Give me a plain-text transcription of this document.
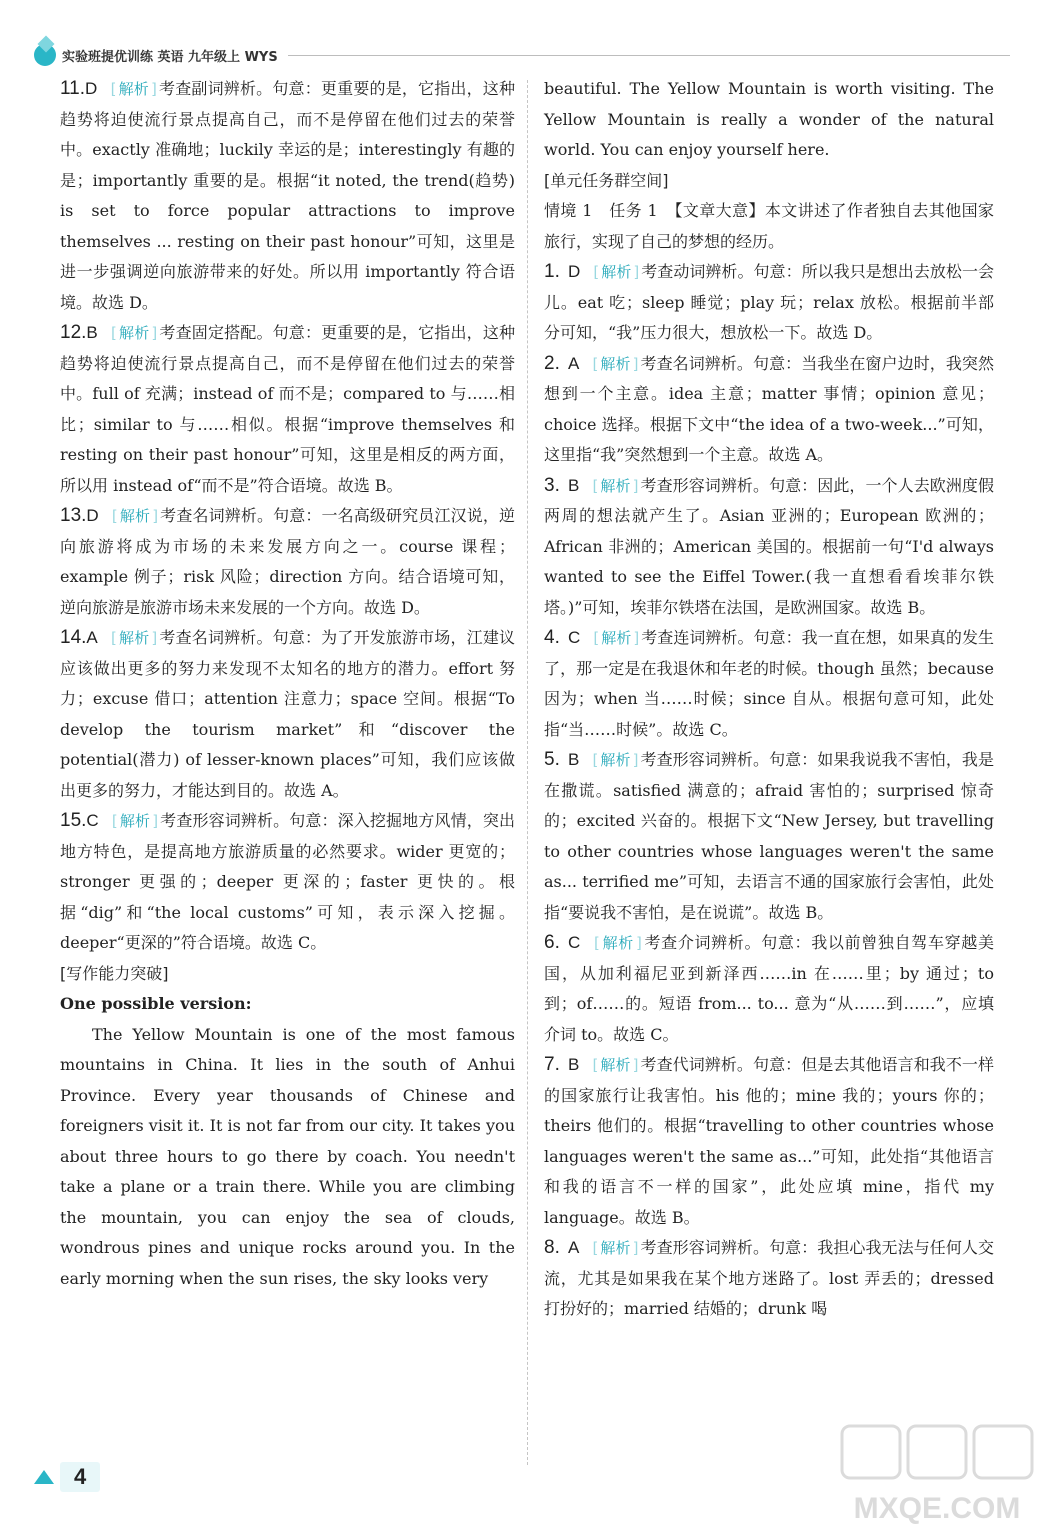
实验班提优训练 英语 九年级上 WYS

11.D [ 解析 ] 考查副词辨析。句意：更重要的是，它指出，这种趋势将迫使流行景点提高自己，而不是停留在他们过去的荣誉中。exactly 准确地；luckily 幸运的是；interestingly 有趣的是；importantly 重要的是。根据“it noted, the trend(趋势) is set to force popular attractions to improve themselves ... resting on their past honour”可知，这里是进一步强调逆向旅游带来的好处。所以用 importantly 符合语境。故选 D。

12.B [ 解析 ] 考查固定搭配。句意：更重要的是，它指出，这种趋势将迫使流行景点提高自己，而不是停留在他们过去的荣誉中。full of 充满；instead of 而不是；compared to 与……相比；similar to 与……相似。根据“improve themselves 和 resting on their past honour”可知，这里是相反的两方面，所以用 instead of“而不是”符合语境。故选 B。

13.D [ 解析 ] 考查名词辨析。句意：一名高级研究员江汉说，逆向旅游将成为市场的未来发展方向之一。course 课程；example 例子；risk 风险；direction 方向。结合语境可知，逆向旅游是旅游市场未来发展的一个方向。故选 D。

14.A [ 解析 ] 考查名词辨析。句意：为了开发旅游市场，江建议应该做出更多的努力来发现不太知名的地方的潜力。effort 努力；excuse 借口；attention 注意力；space 空间。根据“To develop the tourism market”和“discover the potential(潜力) of lesser-known places”可知，我们应该做出更多的努力，才能达到目的。故选 A。

15.C [ 解析 ] 考查形容词辨析。句意：深入挖掘地方风情，突出地方特色，是提高地方旅游质量的必然要求。wider 更宽的；stronger 更强的；deeper 更深的；faster 更快的。根据“dig”和“the local customs”可知，表示深入挖掘。deeper“更深的”符合语境。故选 C。

[写作能力突破]

One possible version:

The Yellow Mountain is one of the most famous mountains in China. It lies in the south of Anhui Province. Every year thousands of Chinese and foreigners visit it. It is not far from our city. It takes you about three hours to go there by coach. You needn't take a plane or a train there. While you are climbing the mountain, you can enjoy the sea of clouds, wondrous pines and unique rocks around you. In the early morning when the sun rises, the sky looks very

beautiful. The Yellow Mountain is worth visiting. The Yellow Mountain is really a wonder of the natural world. You can enjoy yourself here.

[单元任务群空间]

情境 1　任务 1　【文章大意】本文讲述了作者独自去其他国家旅行，实现了自己的梦想的经历。

1. D [ 解析 ] 考查动词辨析。句意：所以我只是想出去放松一会儿。eat 吃；sleep 睡觉；play 玩；relax 放松。根据前半部分可知，“我”压力很大，想放松一下。故选 D。

2. A [ 解析 ] 考查名词辨析。句意：当我坐在窗户边时，我突然想到一个主意。idea 主意；matter 事情；opinion 意见；choice 选择。根据下文中“the idea of a two-week...”可知，这里指“我”突然想到一个主意。故选 A。

3. B [ 解析 ] 考查形容词辨析。句意：因此，一个人去欧洲度假两周的想法就产生了。Asian 亚洲的；European 欧洲的；African 非洲的；American 美国的。根据前一句“I'd always wanted to see the Eiffel Tower.(我一直想看看埃菲尔铁塔。)”可知，埃菲尔铁塔在法国，是欧洲国家。故选 B。

4. C [ 解析 ] 考查连词辨析。句意：我一直在想，如果真的发生了，那一定是在我退休和年老的时候。though 虽然；because 因为；when 当……时候；since 自从。根据句意可知，此处指“当……时候”。故选 C。

5. B [ 解析 ] 考查形容词辨析。句意：如果我说我不害怕，我是在撒谎。satisfied 满意的；afraid 害怕的；surprised 惊奇的；excited 兴奋的。根据下文“New Jersey, but travelling to other countries whose languages weren't the same as... terrified me”可知，去语言不通的国家旅行会害怕，此处指“要说我不害怕，是在说谎”。故选 B。

6. C [ 解析 ] 考查介词辨析。句意：我以前曾独自驾车穿越美国，从加利福尼亚到新泽西……in 在……里；by 通过；to 到；of……的。短语 from... to... 意为“从……到……”，应填介词 to。故选 C。

7. B [ 解析 ] 考查代词辨析。句意：但是去其他语言和我不一样的国家旅行让我害怕。his 他的；mine 我的；yours 你的；theirs 他们的。根据“travelling to other countries whose languages weren't the same as...”可知，此处指“其他语言和我的语言不一样的国家”，此处应填 mine，指代 my language。故选 B。

8. A [ 解析 ] 考查形容词辨析。句意：我担心我无法与任何人交流，尤其是如果我在某个地方迷路了。lost 弄丢的；dressed 打扮好的；married 结婚的；drunk 喝

4
MXQE.COM
